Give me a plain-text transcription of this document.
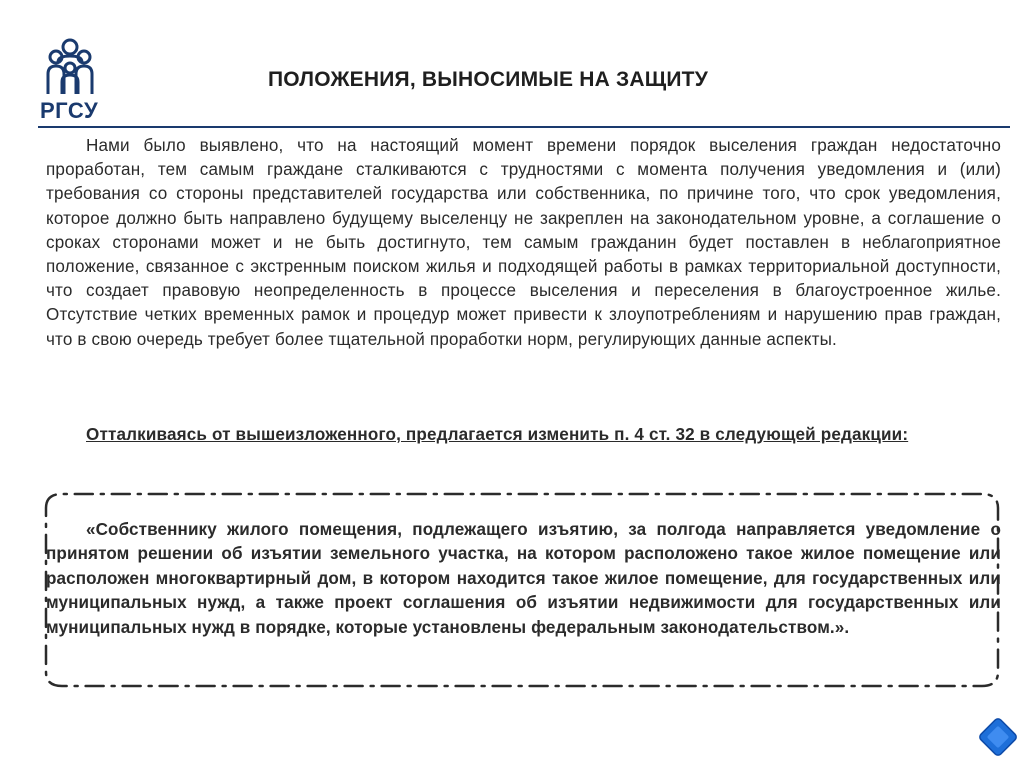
РГСУ
ПОЛОЖЕНИЯ, ВЫНОСИМЫЕ НА ЗАЩИТУ
Нами было выявлено, что на настоящий момент времени порядок выселения граждан недостаточно проработан, тем самым граждане сталкиваются с трудностями с момента получения уведомления и (или) требования со стороны представителей государства или собственника, по причине того, что срок уведомления, которое должно быть направлено будущему выселенцу не закреплен на законодательном уровне, а соглашение о сроках сторонами может и не быть достигнуто, тем самым гражданин будет поставлен в неблагоприятное положение, связанное с экстренным поиском жилья и подходящей работы в рамках территориальной доступности, что создает правовую неопределенность в процессе выселения и переселения в благоустроенное жилье. Отсутствие четких временных рамок и процедур может привести к злоупотреблениям и нарушению прав граждан, что в свою очередь требует более тщательной проработки норм, регулирующих данные аспекты.
Отталкиваясь от вышеизложенного, предлагается изменить п. 4 ст. 32 в следующей редакции:
«Собственнику жилого помещения, подлежащего изъятию, за полгода направляется уведомление о принятом решении об изъятии земельного участка, на котором расположено такое жилое помещение или расположен многоквартирный дом, в котором находится такое жилое помещение, для государственных или муниципальных нужд, а также проект соглашения об изъятии недвижимости для государственных или муниципальных нужд в порядке, которые установлены федеральным законодательством.».
